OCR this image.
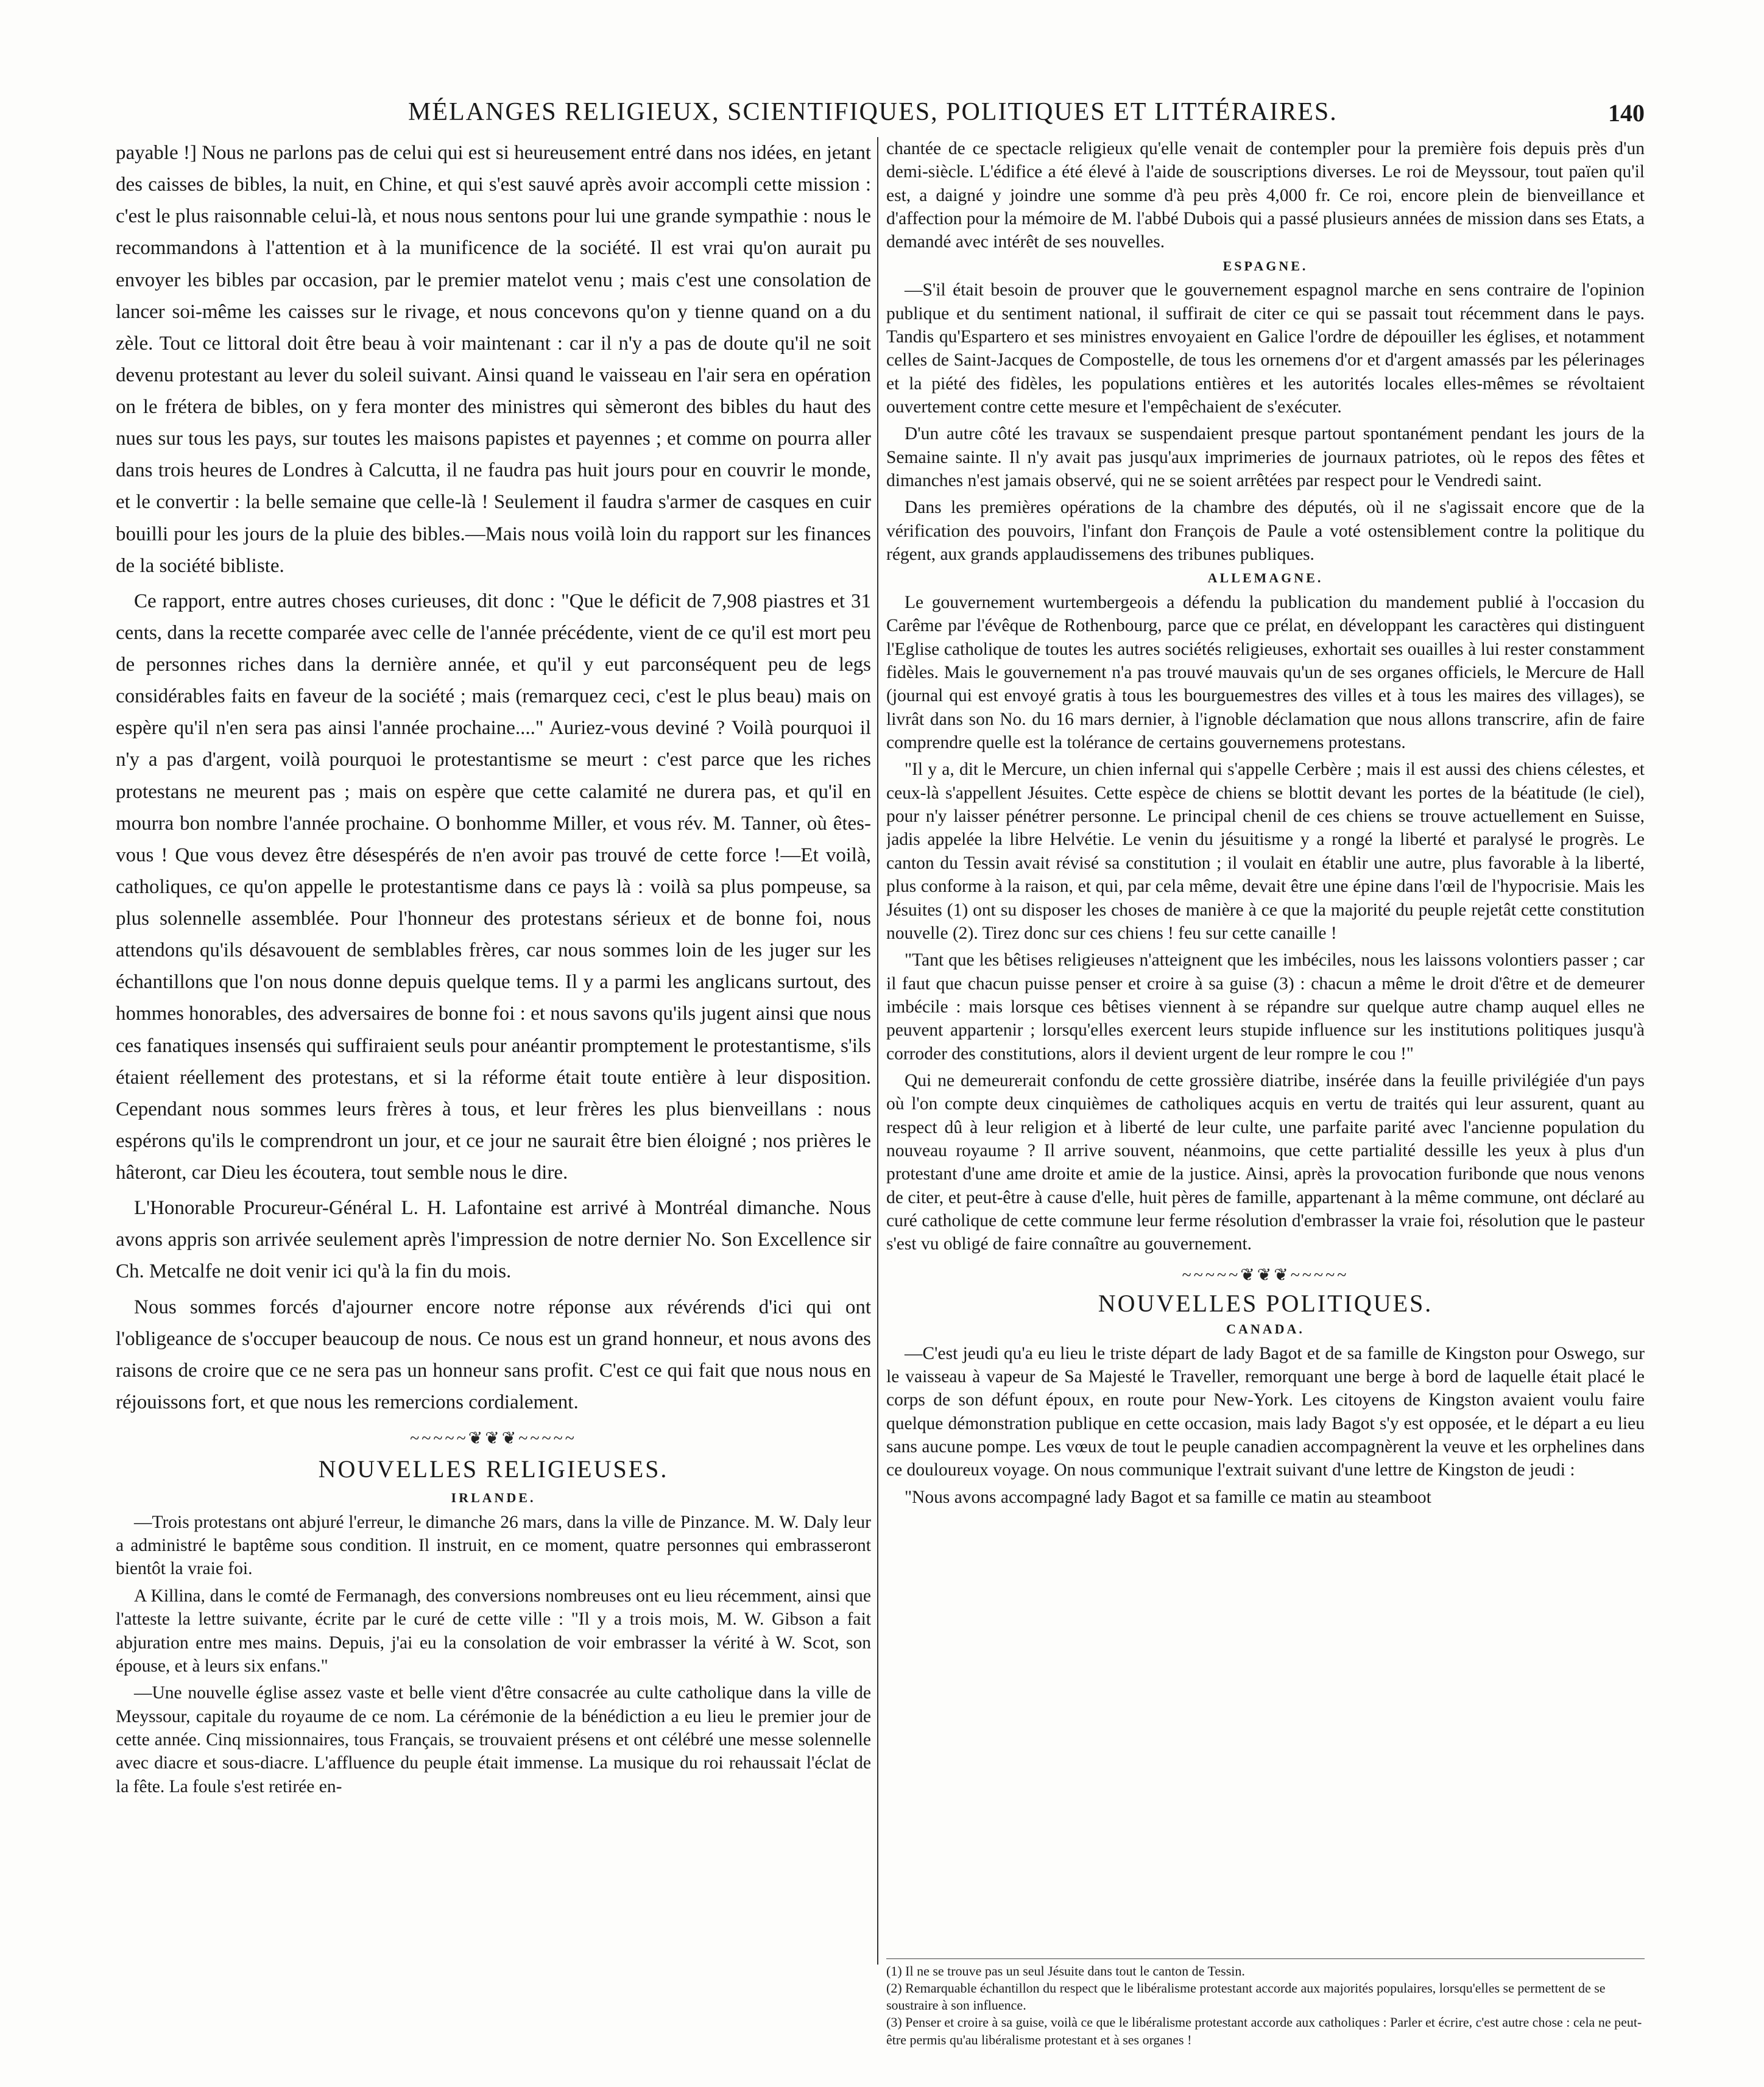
MÉLANGES RELIGIEUX, SCIENTIFIQUES, POLITIQUES ET LITTÉRAIRES.	140

payable !] Nous ne parlons pas de celui qui est si heureusement entré dans nos idées, en jetant des caisses de bibles, la nuit, en Chine, et qui s'est sauvé après avoir accompli cette mission : c'est le plus raisonnable celui-là, et nous nous sentons pour lui une grande sympathie : nous le recommandons à l'attention et à la munificence de la société. Il est vrai qu'on aurait pu envoyer les bibles par occasion, par le premier matelot venu ; mais c'est une consolation de lancer soi-même les caisses sur le rivage, et nous concevons qu'on y tienne quand on a du zèle. Tout ce littoral doit être beau à voir maintenant : car il n'y a pas de doute qu'il ne soit devenu protestant au lever du soleil suivant. Ainsi quand le vaisseau en l'air sera en opération on le frétera de bibles, on y fera monter des ministres qui sèmeront des bibles du haut des nues sur tous les pays, sur toutes les maisons papistes et payennes ; et comme on pourra aller dans trois heures de Londres à Calcutta, il ne faudra pas huit jours pour en couvrir le monde, et le convertir : la belle semaine que celle-là ! Seulement il faudra s'armer de casques en cuir bouilli pour les jours de la pluie des bibles.—Mais nous voilà loin du rapport sur les finances de la société bibliste.

Ce rapport, entre autres choses curieuses, dit donc : "Que le déficit de 7,908 piastres et 31 cents, dans la recette comparée avec celle de l'année précédente, vient de ce qu'il est mort peu de personnes riches dans la dernière année, et qu'il y eut parconséquent peu de legs considérables faits en faveur de la société ; mais (remarquez ceci, c'est le plus beau) mais on espère qu'il n'en sera pas ainsi l'année prochaine...." Auriez-vous deviné ? Voilà pourquoi il n'y a pas d'argent, voilà pourquoi le protestantisme se meurt : c'est parce que les riches protestans ne meurent pas ; mais on espère que cette calamité ne durera pas, et qu'il en mourra bon nombre l'année prochaine. O bonhomme Miller, et vous rév. M. Tanner, où êtes-vous ! Que vous devez être désespérés de n'en avoir pas trouvé de cette force !—Et voilà, catholiques, ce qu'on appelle le protestantisme dans ce pays là : voilà sa plus pompeuse, sa plus solennelle assemblée. Pour l'honneur des protestans sérieux et de bonne foi, nous attendons qu'ils désavouent de semblables frères, car nous sommes loin de les juger sur les échantillons que l'on nous donne depuis quelque tems. Il y a parmi les anglicans surtout, des hommes honorables, des adversaires de bonne foi : et nous savons qu'ils jugent ainsi que nous ces fanatiques insensés qui suffiraient seuls pour anéantir promptement le protestantisme, s'ils étaient réellement des protestans, et si la réforme était toute entière à leur disposition. Cependant nous sommes leurs frères à tous, et leur frères les plus bienveillans : nous espérons qu'ils le comprendront un jour, et ce jour ne saurait être bien éloigné ; nos prières le hâteront, car Dieu les écoutera, tout semble nous le dire.

L'Honorable Procureur-Général L. H. Lafontaine est arrivé à Montréal dimanche. Nous avons appris son arrivée seulement après l'impression de notre dernier No. Son Excellence sir Ch. Metcalfe ne doit venir ici qu'à la fin du mois.

Nous sommes forcés d'ajourner encore notre réponse aux révérends d'ici qui ont l'obligeance de s'occuper beaucoup de nous. Ce nous est un grand honneur, et nous avons des raisons de croire que ce ne sera pas un honneur sans profit. C'est ce qui fait que nous nous en réjouissons fort, et que nous les remercions cordialement.

~~~~~❦❦❦~~~~~
NOUVELLES RELIGIEUSES.
IRLANDE.

—Trois protestans ont abjuré l'erreur, le dimanche 26 mars, dans la ville de Pinzance. M. W. Daly leur a administré le baptême sous condition. Il instruit, en ce moment, quatre personnes qui embrasseront bientôt la vraie foi.

A Killina, dans le comté de Fermanagh, des conversions nombreuses ont eu lieu récemment, ainsi que l'atteste la lettre suivante, écrite par le curé de cette ville : "Il y a trois mois, M. W. Gibson a fait abjuration entre mes mains. Depuis, j'ai eu la consolation de voir embrasser la vérité à W. Scot, son épouse, et à leurs six enfans."

—Une nouvelle église assez vaste et belle vient d'être consacrée au culte catholique dans la ville de Meyssour, capitale du royaume de ce nom. La cérémonie de la bénédiction a eu lieu le premier jour de cette année. Cinq missionnaires, tous Français, se trouvaient présens et ont célébré une messe solennelle avec diacre et sous-diacre. L'affluence du peuple était immense. La musique du roi rehaussait l'éclat de la fête. La foule s'est retirée en-

chantée de ce spectacle religieux qu'elle venait de contempler pour la première fois depuis près d'un demi-siècle. L'édifice a été élevé à l'aide de souscriptions diverses. Le roi de Meyssour, tout païen qu'il est, a daigné y joindre une somme d'à peu près 4,000 fr. Ce roi, encore plein de bienveillance et d'affection pour la mémoire de M. l'abbé Dubois qui a passé plusieurs années de mission dans ses Etats, a demandé avec intérêt de ses nouvelles.

ESPAGNE.

—S'il était besoin de prouver que le gouvernement espagnol marche en sens contraire de l'opinion publique et du sentiment national, il suffirait de citer ce qui se passait tout récemment dans le pays. Tandis qu'Espartero et ses ministres envoyaient en Galice l'ordre de dépouiller les églises, et notamment celles de Saint-Jacques de Compostelle, de tous les ornemens d'or et d'argent amassés par les pélerinages et la piété des fidèles, les populations entières et les autorités locales elles-mêmes se révoltaient ouvertement contre cette mesure et l'empêchaient de s'exécuter.

D'un autre côté les travaux se suspendaient presque partout spontanément pendant les jours de la Semaine sainte. Il n'y avait pas jusqu'aux imprimeries de journaux patriotes, où le repos des fêtes et dimanches n'est jamais observé, qui ne se soient arrêtées par respect pour le Vendredi saint.

Dans les premières opérations de la chambre des députés, où il ne s'agissait encore que de la vérification des pouvoirs, l'infant don François de Paule a voté ostensiblement contre la politique du régent, aux grands applaudissemens des tribunes publiques.

ALLEMAGNE.

Le gouvernement wurtembergeois a défendu la publication du mandement publié à l'occasion du Carême par l'évêque de Rothenbourg, parce que ce prélat, en développant les caractères qui distinguent l'Eglise catholique de toutes les autres sociétés religieuses, exhortait ses ouailles à lui rester constamment fidèles. Mais le gouvernement n'a pas trouvé mauvais qu'un de ses organes officiels, le Mercure de Hall (journal qui est envoyé gratis à tous les bourguemestres des villes et à tous les maires des villages), se livrât dans son No. du 16 mars dernier, à l'ignoble déclamation que nous allons transcrire, afin de faire comprendre quelle est la tolérance de certains gouvernemens protestans.

"Il y a, dit le Mercure, un chien infernal qui s'appelle Cerbère ; mais il est aussi des chiens célestes, et ceux-là s'appellent Jésuites. Cette espèce de chiens se blottit devant les portes de la béatitude (le ciel), pour n'y laisser pénétrer personne. Le principal chenil de ces chiens se trouve actuellement en Suisse, jadis appelée la libre Helvétie. Le venin du jésuitisme y a rongé la liberté et paralysé le progrès. Le canton du Tessin avait révisé sa constitution ; il voulait en établir une autre, plus favorable à la liberté, plus conforme à la raison, et qui, par cela même, devait être une épine dans l'œil de l'hypocrisie. Mais les Jésuites (1) ont su disposer les choses de manière à ce que la majorité du peuple rejetât cette constitution nouvelle (2). Tirez donc sur ces chiens ! feu sur cette canaille !

"Tant que les bêtises religieuses n'atteignent que les imbéciles, nous les laissons volontiers passer ; car il faut que chacun puisse penser et croire à sa guise (3) : chacun a même le droit d'être et de demeurer imbécile : mais lorsque ces bêtises viennent à se répandre sur quelque autre champ auquel elles ne peuvent appartenir ; lorsqu'elles exercent leurs stupide influence sur les institutions politiques jusqu'à corroder des constitutions, alors il devient urgent de leur rompre le cou !"

Qui ne demeurerait confondu de cette grossière diatribe, insérée dans la feuille privilégiée d'un pays où l'on compte deux cinquièmes de catholiques acquis en vertu de traités qui leur assurent, quant au respect dû à leur religion et à liberté de leur culte, une parfaite parité avec l'ancienne population du nouveau royaume ? Il arrive souvent, néanmoins, que cette partialité dessille les yeux à plus d'un protestant d'une ame droite et amie de la justice. Ainsi, après la provocation furibonde que nous venons de citer, et peut-être à cause d'elle, huit pères de famille, appartenant à la même commune, ont déclaré au curé catholique de cette commune leur ferme résolution d'embrasser la vraie foi, résolution que le pasteur s'est vu obligé de faire connaître au gouvernement.

~~~~~❦❦❦~~~~~
NOUVELLES POLITIQUES.
CANADA.

—C'est jeudi qu'a eu lieu le triste départ de lady Bagot et de sa famille de Kingston pour Oswego, sur le vaisseau à vapeur de Sa Majesté le Traveller, remorquant une berge à bord de laquelle était placé le corps de son défunt époux, en route pour New-York. Les citoyens de Kingston avaient voulu faire quelque démonstration publique en cette occasion, mais lady Bagot s'y est opposée, et le départ a eu lieu sans aucune pompe. Les vœux de tout le peuple canadien accompagnèrent la veuve et les orphelines dans ce douloureux voyage. On nous communique l'extrait suivant d'une lettre de Kingston de jeudi :

"Nous avons accompagné lady Bagot et sa famille ce matin au steamboot

(1) Il ne se trouve pas un seul Jésuite dans tout le canton de Tessin.

(2) Remarquable échantillon du respect que le libéralisme protestant accorde aux majorités populaires, lorsqu'elles se permettent de se soustraire à son influence.

(3) Penser et croire à sa guise, voilà ce que le libéralisme protestant accorde aux catholiques : Parler et écrire, c'est autre chose : cela ne peut-être permis qu'au libéralisme protestant et à ses organes !
